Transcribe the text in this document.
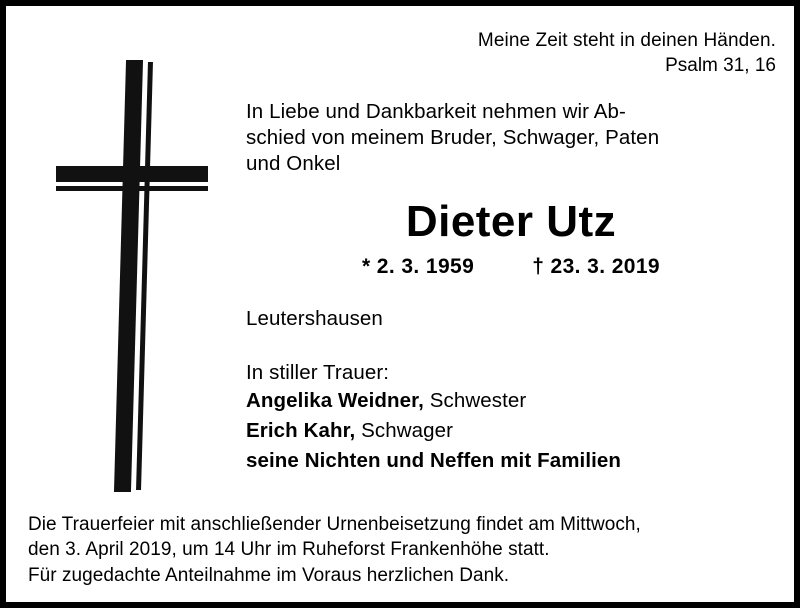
Meine Zeit steht in deinen Händen.
Psalm 31, 16
In Liebe und Dankbarkeit nehmen wir Ab-
schied von meinem Bruder, Schwager, Paten
und Onkel
Dieter Utz
* 2. 3. 1959	† 23. 3. 2019
Leutershausen
In stiller Trauer:
Angelika Weidner, Schwester
Erich Kahr, Schwager
seine Nichten und Neffen mit Familien
Die Trauerfeier mit anschließender Urnenbeisetzung findet am Mittwoch,
den 3. April 2019, um 14 Uhr im Ruheforst Frankenhöhe statt.
Für zugedachte Anteilnahme im Voraus herzlichen Dank.
